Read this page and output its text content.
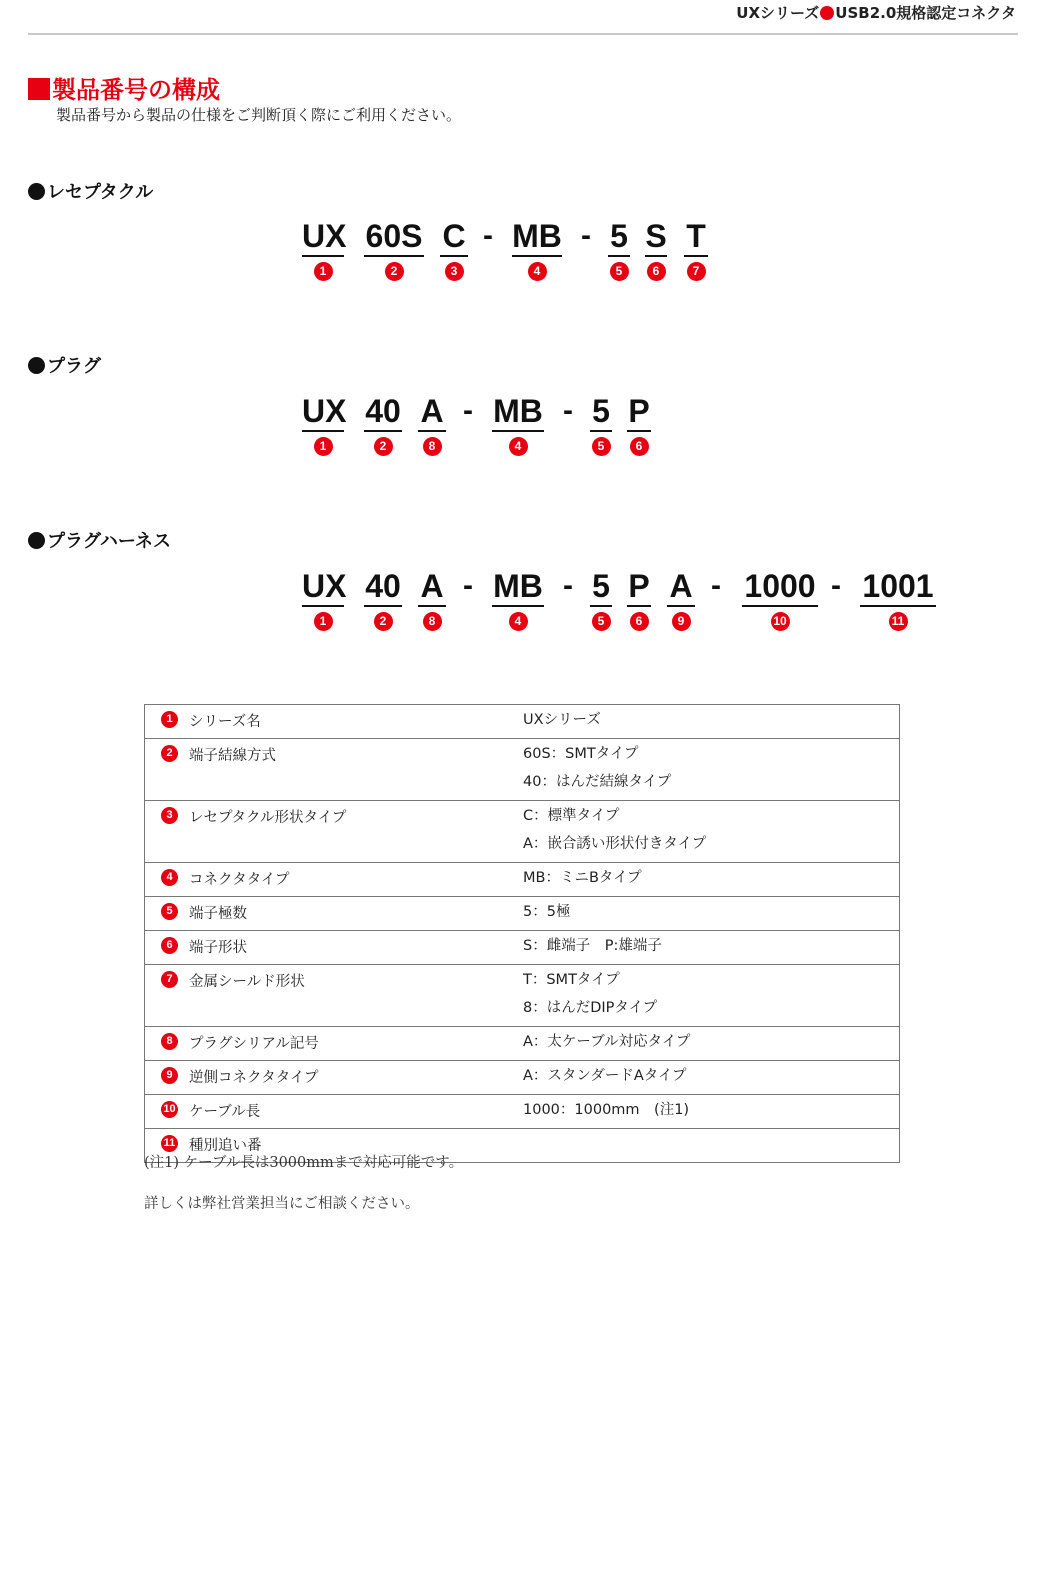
UXシリーズ USB2.0規格認定コネクタ
製品番号の構成
製品番号から製品の仕様をご判断頂く際にご利用ください。
レセプタクル
プラグ
プラグハーネス
UX
1
60S
2
C
3
- MB
4
- 5
5
S
6
T
7
UX
1
40
2
A
8
- MB
4
- 5
5
P
6
UX
1
40
2
A
8
- MB
4
- 5
5
P
6
A
9
- 1000
10
- 1001
11
1	シリーズ名	UXシリーズ

2	端子結線方式	60S：SMTタイプ
40：はんだ結線タイプ

3	レセプタクル形状タイプ	C：標準タイプ
A：嵌合誘い形状付きタイプ

4	コネクタタイプ	MB：ミニBタイプ

5	端子極数	5：5極

6	端子形状	S：雌端子　P:雄端子

7	金属シールド形状	T：SMTタイプ
8：はんだDIPタイプ

8	プラグシリアル記号	A：太ケーブル対応タイプ

9	逆側コネクタタイプ	A：スタンダードAタイプ

10	ケーブル長	1000：1000mm　(注1)

11	種別追い番	
(注1) ケーブル長は3000mmまで対応可能です。
詳しくは弊社営業担当にご相談ください。
